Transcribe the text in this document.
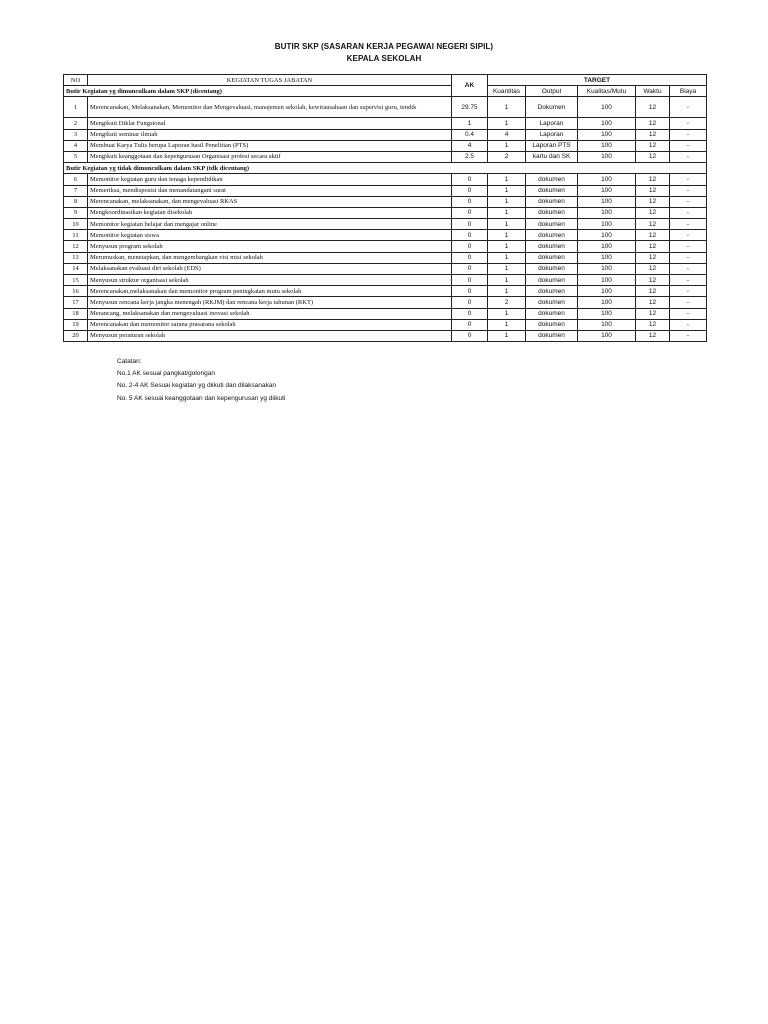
BUTIR SKP (SASARAN KERJA PEGAWAI NEGERI SIPIL)
KEPALA SEKOLAH
NO	KEGIATAN TUGAS JABATAN	AK	TARGET				
Butir Kegiatan yg dimunculkam dalam SKP (dicentang)			Kuantitas	Output	Kualitas/Mutu	Waktu	Biaya
1	Merencanakan, Melaksanakan, Memonitor dan Mengevaluasi, manajemen sekolah, kewirausahaan dan supervisi guru, tendik	29.75	1	Dokumen	100	12	-
2	Mengikuti Diklat Fungsional	1	1	Laporan	100	12	-
3	Mengikuti seminar ilmiah	0.4	4	Laporan	100	12	-
4	Membuat Karya Tulis berupa Laporan hasil Penelitian (PTS)	4	1	Laporan PTS	100	12	-
5	Mengikuti keanggotaan dan kepengurusan Organisasi profesi secara aktif	2.5	2	kartu dan SK	100	12	-
Butir Kegiatan yg tidak dimunculkam dalam SKP (tdk dicentang)							
6	Memonitor kegiatan guru dan tenaga kependidikan	0	1	dokumen	100	12	-
7	Memeriksa, mendisposisi dan menandatangani surat	0	1	dokumen	100	12	-
8	Merencanakan, melaksanakan, dan mengevaluasi RKAS	0	1	dokumen	100	12	-
9	Mengkoordinasikan kegiatan disekolah	0	1	dokumen	100	12	-
10	Memonitor kegiatan belajar dan mengajar online	0	1	dokumen	100	12	-
11	Memonitor kegiatan siswa	0	1	dokumen	100	12	-
12	Menyusun program sekolah	0	1	dokumen	100	12	-
13	Merumuskan, menetapkan, dan mengembangkan visi misi sekolah	0	1	dokumen	100	12	-
14	Melaksanakan evaluasi diri sekolah (EDS)	0	1	dokumen	100	12	-
15	Menyusun struktur organisasi sekolah	0	1	dokumen	100	12	-
16	Merencanakan,melaksanakan dan memonitor program peningkatan mutu sekolah	0	1	dokumen	100	12	-
17	Menyusun rencana kerja jangka menengah (RKJM) dan rencana kerja tahunan (RKT)	0	2	dokumen	100	12	-
18	Merancang, melaksanakan dan mengevaluasi inovasi sekolah	0	1	dokumen	100	12	-
19	Merencanakan dan memonitor sarana prasarana sekolah	0	1	dokumen	100	12	-
20	Menyusun peraturan sekolah	0	1	dokumen	100	12	-
Catatan:
No.1 AK sesuai pangkat/golongan
No. 2-4 AK Sesuai kegiatan yg diikuti dan dilaksanakan
No. 5 AK sesuai keanggotaan dan kepengurusan yg diikuti
